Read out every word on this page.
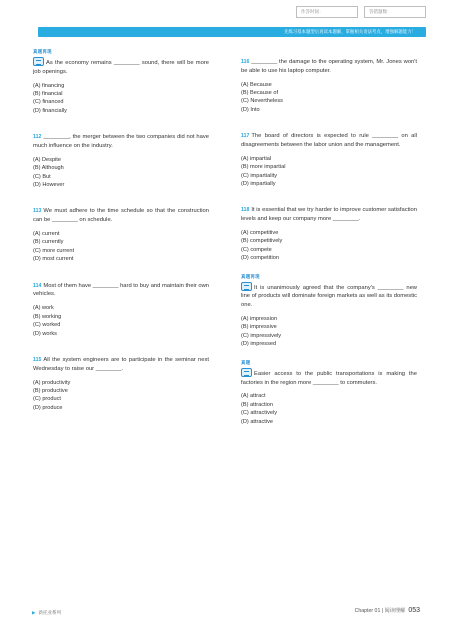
作答时间：	答错题数：
先练习基本题型后再读本题解，掌握相关语法考点，增强解题能力！
真题再现

As the economy remains ________ sound, there will be more job openings.

(A) financing
(B) financial
(C) financed
(D) financially

112 ________, the merger between the two companies did not have much influence on the industry.

(A) Despite
(B) Although
(C) But
(D) However

113 We must adhere to the time schedule so that the construction can be ________ on schedule.

(A) current
(B) currently
(C) more current
(D) most current

114 Most of them have ________ hard to buy and maintain their own vehicles.

(A) work
(B) working
(C) worked
(D) works

115 All the system engineers are to participate in the seminar next Wednesday to raise our ________.

(A) productivity
(B) productive
(C) product
(D) produce

116 ________ the damage to the operating system, Mr. Jones won't be able to use his laptop computer.

(A) Because
(B) Because of
(C) Nevertheless
(D) Into

117 The board of directors is expected to rule ________ on all disagreements between the labor union and the management.

(A) impartial
(B) more impartial
(C) impartiality
(D) impartially

118 It is essential that we try harder to improve customer satisfaction levels and keep our company more ________.

(A) competitive
(B) competitively
(C) compete
(D) competition
真题再现

It is unanimously agreed that the company's ________ new line of products will dominate foreign markets as well as its domestic one.

(A) impression
(B) impressive
(C) impressively
(D) impressed
真题

Easier access to the public transportations is making the factories in the region more ________ to commuters.

(A) attract
(B) attraction
(C) attractively
(D) attractive
▶ 新托业系列	Chapter 01 | 阅读理解 053
